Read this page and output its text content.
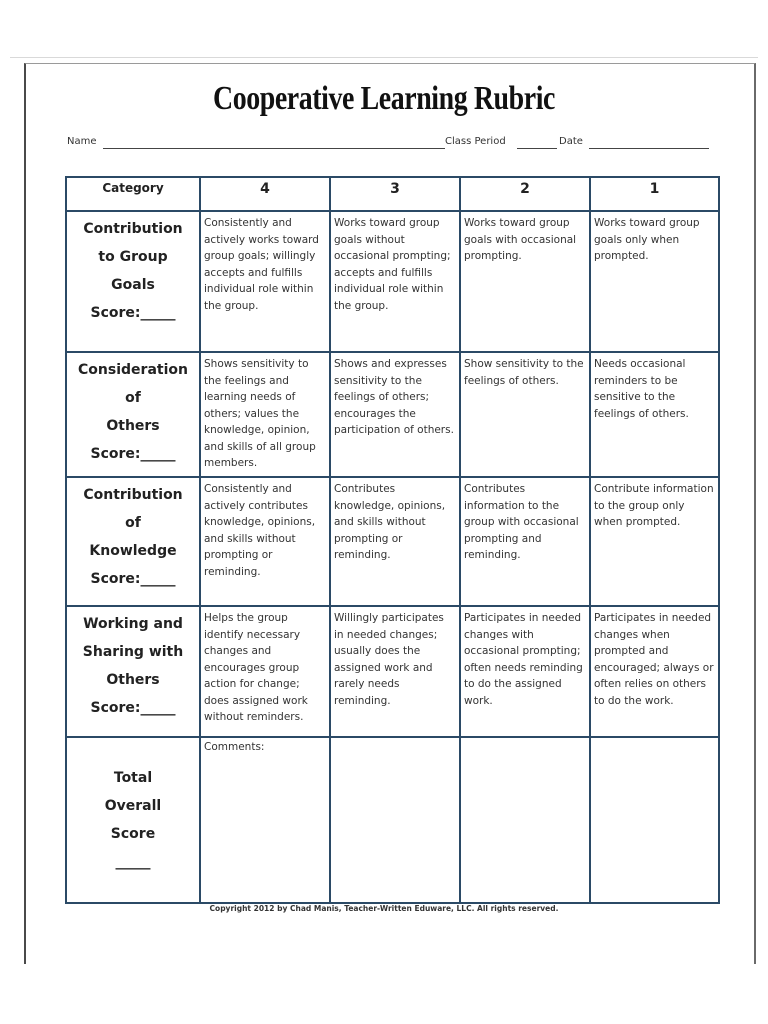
Cooperative Learning Rubric
Name	Class Period	Date
Category	4	3	2	1

Contribution
to Group
Goals
Score:_____	Consistently and actively works toward group goals; willingly accepts and fulfills individual role within the group.	Works toward group goals without occasional prompting; accepts and fulfills individual role within the group.	Works toward group goals with occasional prompting.	Works toward group goals only when prompted.

Consideration
of
Others
Score:_____	Shows sensitivity to the feelings and learning needs of others; values the knowledge, opinion, and skills of all group members.	Shows and expresses sensitivity to the feelings of others; encourages the participation of others.	Show sensitivity to the feelings of others.	Needs occasional reminders to be sensitive to the feelings of others.

Contribution
of
Knowledge
Score:_____	Consistently and actively contributes knowledge, opinions, and skills without prompting or reminding.	Contributes knowledge, opinions, and skills without prompting or reminding.	Contributes information to the group with occasional prompting and reminding.	Contribute information to the group only when prompted.

Working and
Sharing with
Others
Score:_____	Helps the group identify necessary changes and encourages group action for change; does assigned work without reminders.	Willingly participates in needed changes; usually does the assigned work and rarely needs reminding.	Participates in needed changes with occasional prompting; often needs reminding to do the assigned work.	Participates in needed changes when prompted and encouraged; always or often relies on others to do the work.

Total
Overall
Score
_____	Comments:			
Copyright 2012 by Chad Manis, Teacher-Written Eduware, LLC. All rights reserved.
